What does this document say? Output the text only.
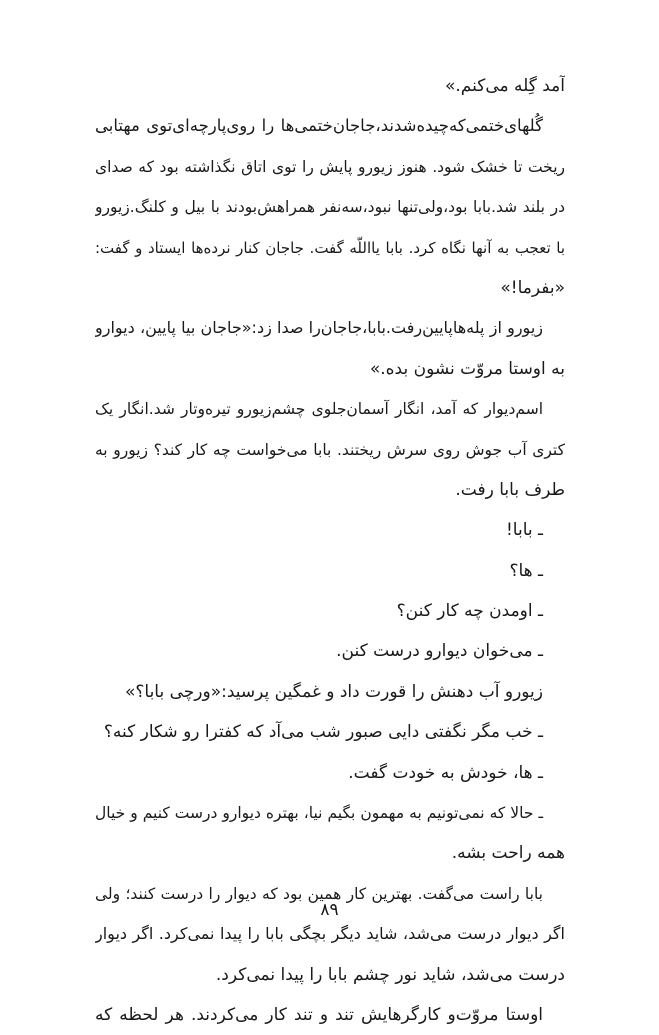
آمد گِله می‌کنم.»
گُلهای‌ختمی‌که‌چیده‌شدند،جاجان‌ختمی‌ها را روی‌پارچه‌ای‌توی مهتابی
ریخت تا خشک شود. هنوز زیورو پایش را توی اتاق نگذاشته بود که صدای
در بلند شد.بابا بود،ولی‌تنها نبود،سه‌نفر همراهش‌بودند با بیل و کلنگ.زیورو
با تعجب به آنها نگاه کرد. بابا یااللّه گفت. جاجان کنار نرده‌ها ایستاد و گفت:
«بفرما!»
زیورو از پله‌هاپایین‌رفت.بابا،جاجان‌را صدا زد:«جاجان بیا پایین، دیوارو
به اوستا مروّت نشون بده.»
اسم‌دیوار که آمد، انگار آسمان‌جلوی چشم‌زیورو تیره‌و‌تار شد.انگار یک
کتری آب جوش روی سرش ریختند. بابا می‌خواست چه کار کند؟ زیورو به
طرف بابا رفت.
ـ بابا!
ـ ها؟
ـ اومدن چه کار کنن؟
ـ می‌خوان دیوارو درست کنن.
زیورو آب دهنش را قورت داد و غمگین پرسید:«ورچی بابا؟»
ـ خب مگر نگفتی دایی صبور شب می‌آد که کفترا رو شکار کنه؟
ـ ها، خودش به خودت گفت.
ـ حالا که نمی‌تونیم به مهمون بگیم نیا، بهتره دیوارو درست کنیم و خیال
همه راحت بشه.
بابا راست می‌گفت. بهترین کار همین بود که دیوار را درست کنند؛ ولی
اگر دیوار درست می‌شد، شاید دیگر بچگی بابا را پیدا نمی‌کرد. اگر دیوار
درست می‌شد، شاید نور چشم بابا را پیدا نمی‌کرد.
اوستا مروّت‌و کارگرهایش تند و تند کار می‌کردند. هر لحظه که
۸۹
